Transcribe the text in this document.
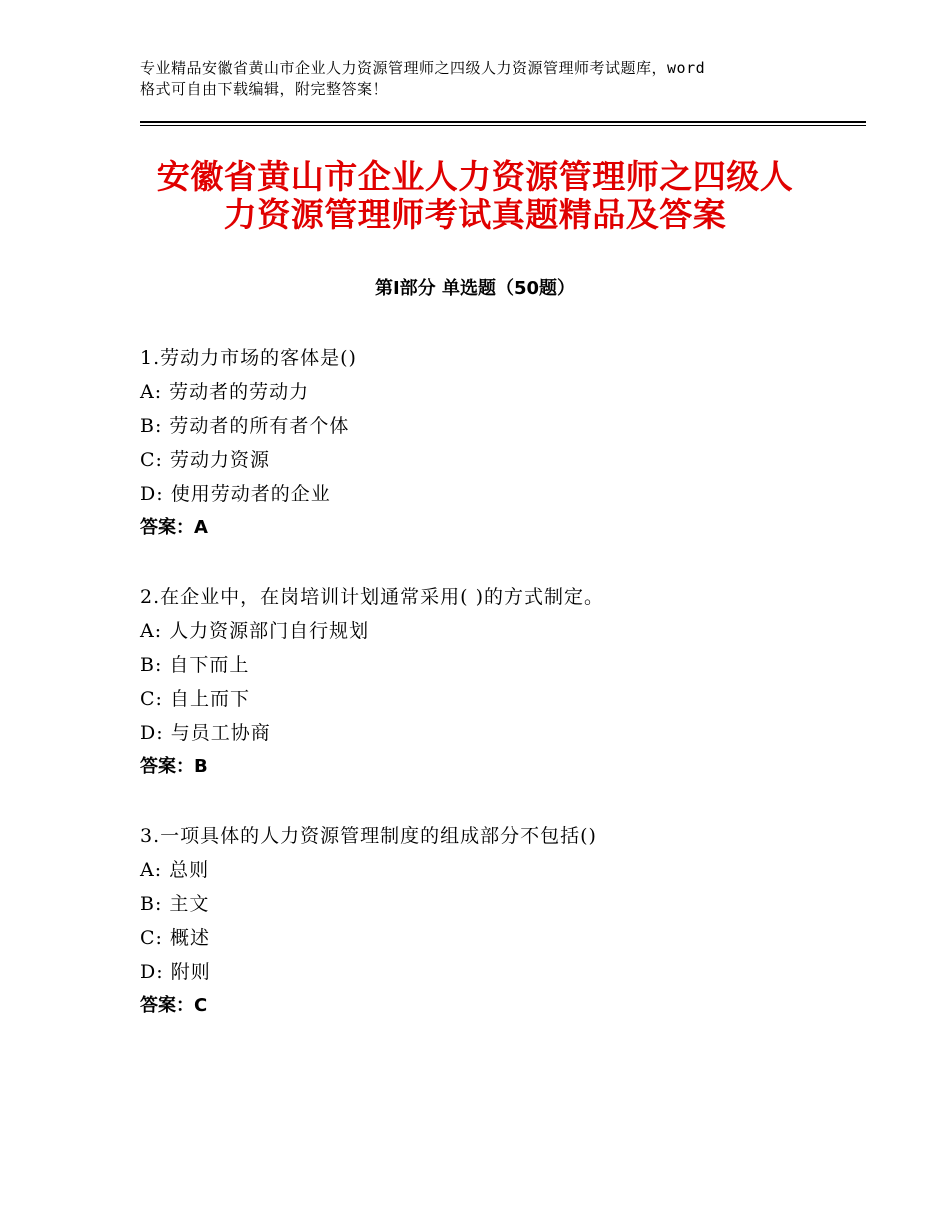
专业精品安徽省黄山市企业人力资源管理师之四级人力资源管理师考试题库，word
格式可自由下载编辑，附完整答案！
安徽省黄山市企业人力资源管理师之四级人
力资源管理师考试真题精品及答案
第Ⅰ部分 单选题（50题）
1.劳动力市场的客体是()
A: 劳动者的劳动力
B: 劳动者的所有者个体
C: 劳动力资源
D: 使用劳动者的企业
答案：A
2.在企业中，在岗培训计划通常采用( )的方式制定。
A: 人力资源部门自行规划
B: 自下而上
C: 自上而下
D: 与员工协商
答案：B
3.一项具体的人力资源管理制度的组成部分不包括()
A: 总则
B: 主文
C: 概述
D: 附则
答案：C
